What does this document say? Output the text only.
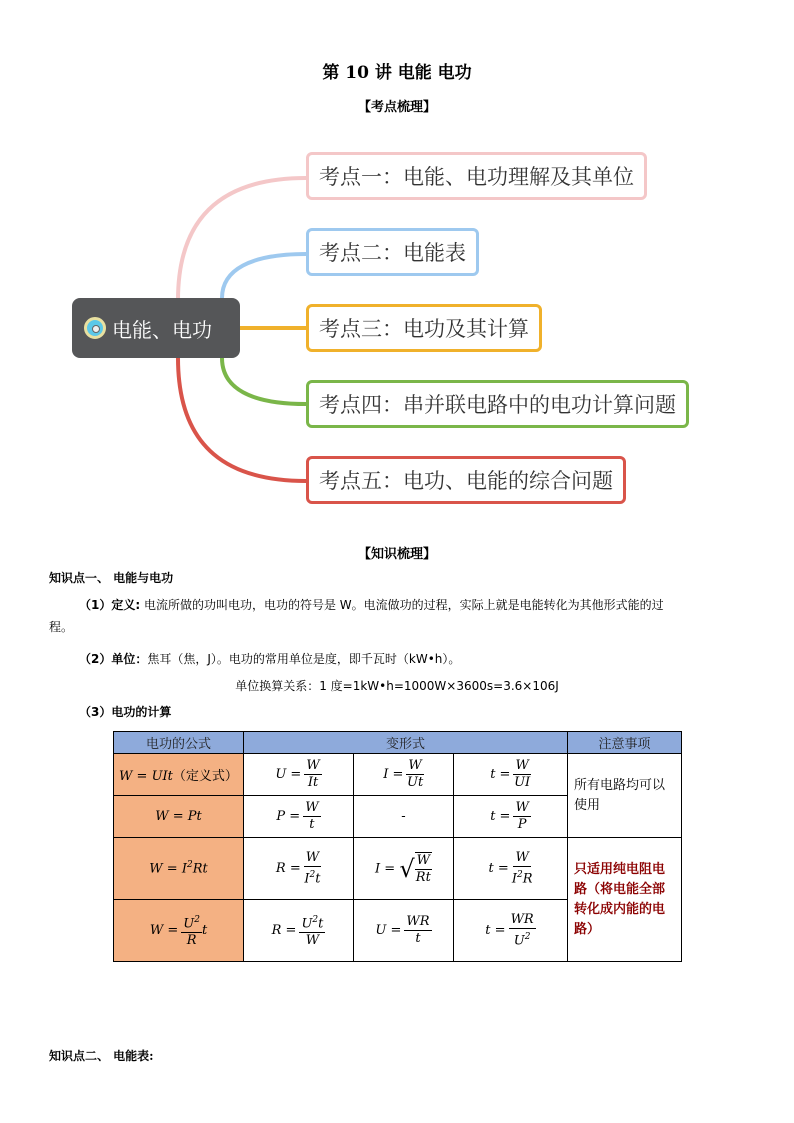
第 10 讲 电能 电功
【考点梳理】
电能、电功
考点一：电能、电功理解及其单位
考点二：电能表
考点三：电功及其计算
考点四：串并联电路中的电功计算问题
考点五：电功、电能的综合问题
【知识梳理】
知识点一、 电能与电功
（1）定义: 电流所做的功叫电功，电功的符号是 W。电流做功的过程，实际上就是电能转化为其他形式能的过
程。
（2）单位：焦耳（焦，J）。电功的常用单位是度，即千瓦时（kW•h）。
单位换算关系：1 度=1kW•h=1000W×3600s=3.6×106J
（3）电功的计算
电功的公式	变形式			注意事项
W = UIt（定义式）	$U = \frac{W}{It}$	$I = \frac{W}{Ut}$	$t = \frac{W}{UI}$	所有电路均可以使用
W = Pt	$P = \frac{W}{t}$	-	$t = \frac{W}{P}$

$W = I^2Rt$	$R = \frac{W}{I^2t}$	I = √ $\frac{W}{Rt}$	$t = \frac{W}{I^2R}$	只适用纯电阻电路（将电能全部转化成内能的电路）
$W = \frac{U^2}{R}$ t	$R = \frac{U^2t}{W}$	$U = \frac{WR}{t}$	$t = \frac{WR}{U^2}$
知识点二、 电能表:
